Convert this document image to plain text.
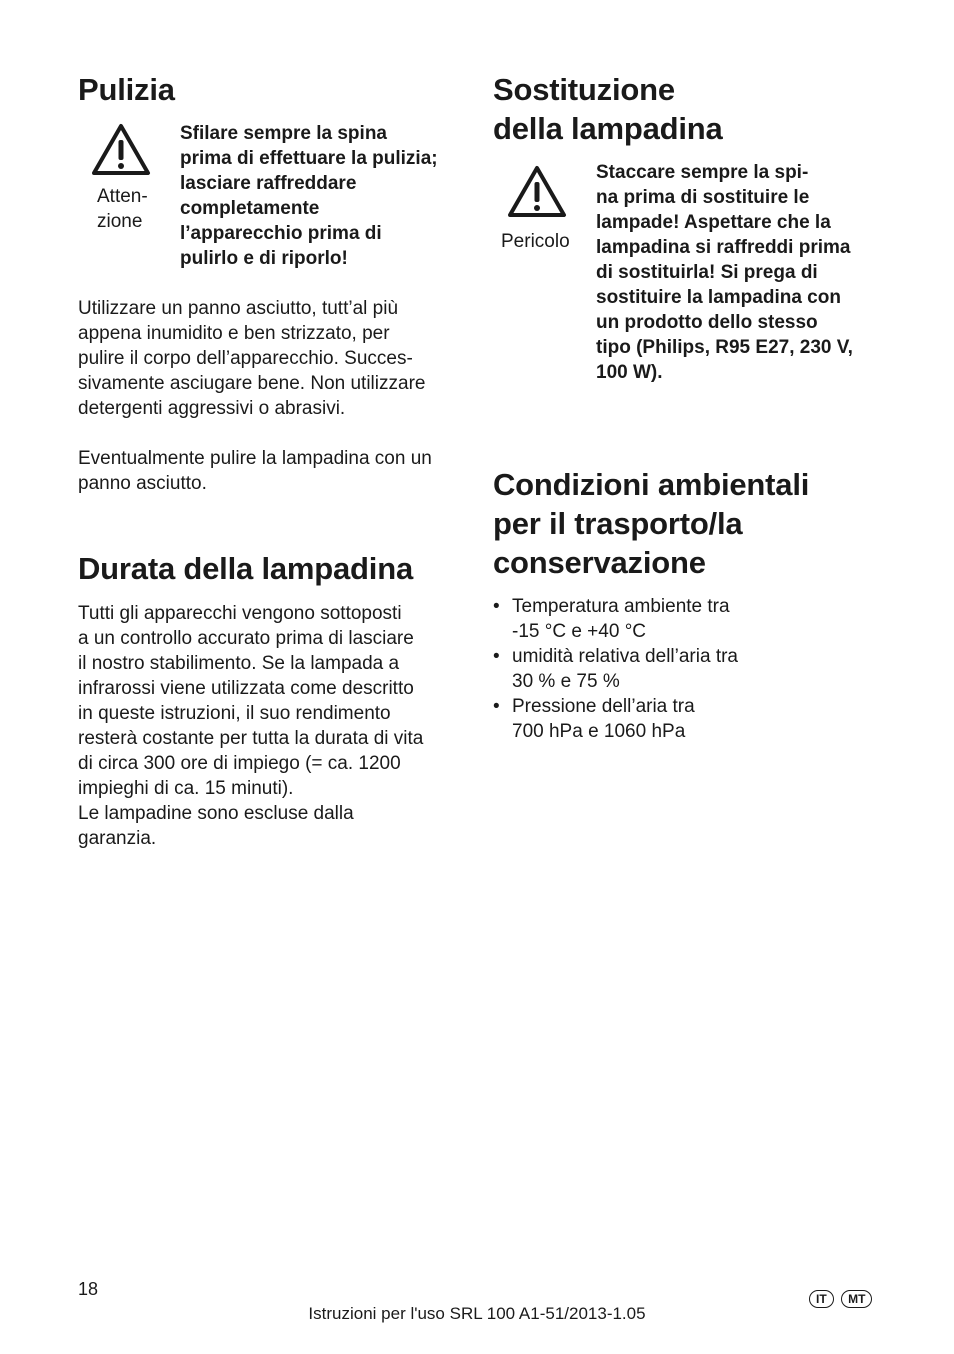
Pulizia
Atten-
zione

Sfilare sempre la spina
prima di effettuare la pulizia;
lasciare raffreddare
completamente
l’apparecchio prima di
pulirlo e di riporlo!

Utilizzare un panno asciutto, tutt’al più
appena inumidito e ben strizzato, per
pulire il corpo dell’apparecchio. Succes-
sivamente asciugare bene. Non utilizzare
detergenti aggressivi o abrasivi.

Eventualmente pulire la lampadina con un
panno asciutto.

Durata della lampadina

Tutti gli apparecchi vengono sottoposti
a un controllo accurato prima di lasciare
il nostro stabilimento. Se la lampada a
infrarossi viene utilizzata come descritto
in queste istruzioni, il suo rendimento
resterà costante per tutta la durata di vita
di circa 300 ore di impiego (= ca. 1200
impieghi di ca. 15 minuti).
Le lampadine sono escluse dalla
garanzia.

Sostituzione
della lampadina
Pericolo

Staccare sempre la spi-
na prima di sostituire le
lampade! Aspettare che la
lampadina si raffreddi prima
di sostituirla! Si prega di
sostituire la lampadina con
un prodotto dello stesso
tipo (Philips, R95 E27, 230 V,
100 W).

Condizioni ambientali
per il trasporto/la
conservazione
• Temperatura ambiente tra
-15 °C e +40 °C
• umidità relativa dell’aria tra
30 % e 75 %
• Pressione dell’aria tra
700 hPa e 1060 hPa
18
Istruzioni per l'uso SRL 100 A1-51/2013-1.05
IT MT
